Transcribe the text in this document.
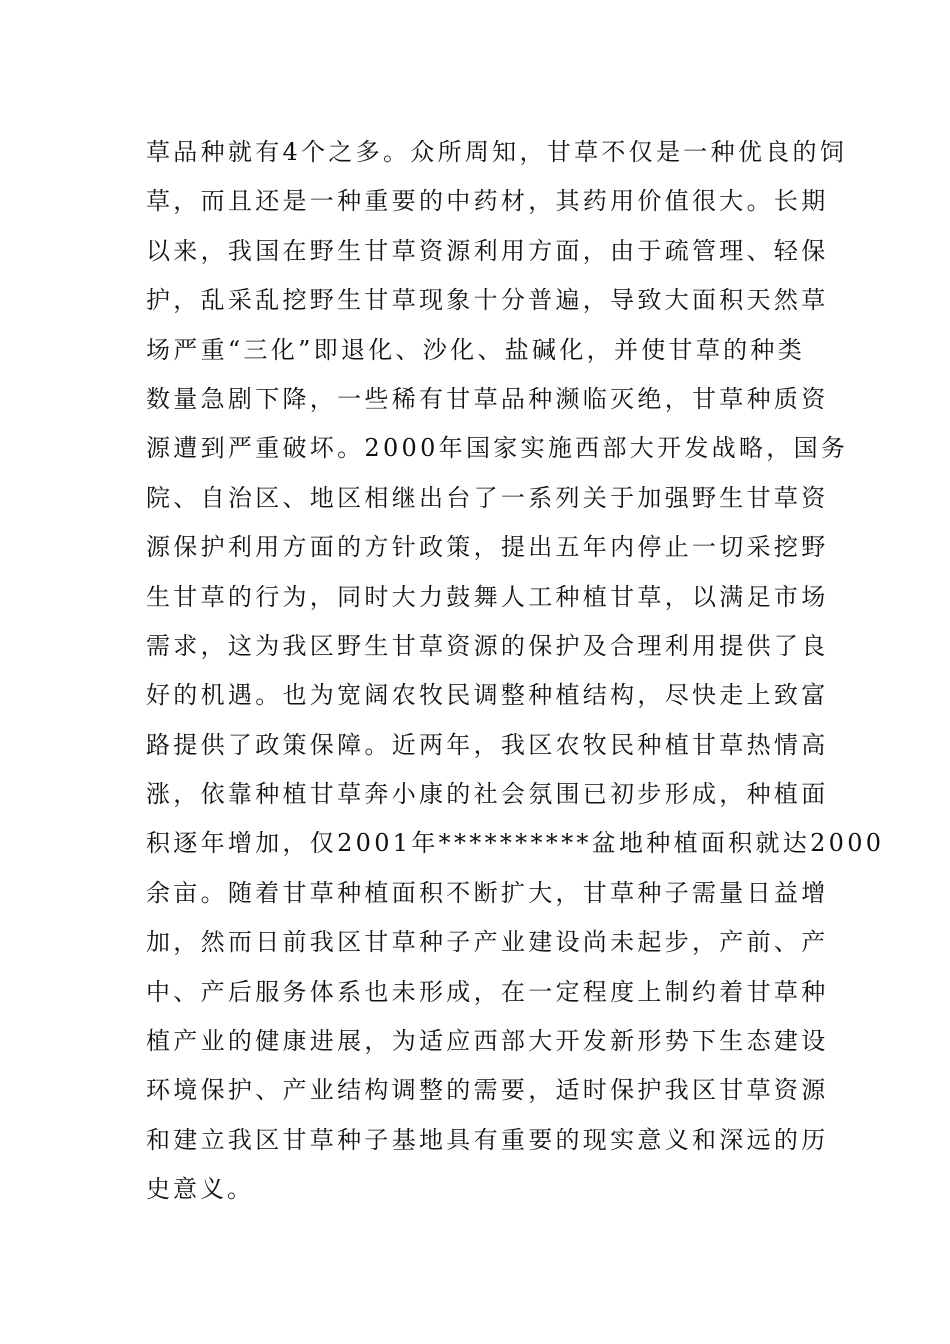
草品种就有4个之多。众所周知，甘草不仅是一种优良的饲
草，而且还是一种重要的中药材，其药用价值很大。长期
以来，我国在野生甘草资源利用方面，由于疏管理、轻保
护，乱采乱挖野生甘草现象十分普遍，导致大面积天然草
场严重“三化”即退化、沙化、盐碱化，并使甘草的种类
数量急剧下降，一些稀有甘草品种濒临灭绝，甘草种质资
源遭到严重破坏。2000年国家实施西部大开发战略，国务
院、自治区、地区相继出台了一系列关于加强野生甘草资
源保护利用方面的方针政策，提出五年内停止一切采挖野
生甘草的行为，同时大力鼓舞人工种植甘草，以满足市场
需求，这为我区野生甘草资源的保护及合理利用提供了良
好的机遇。也为宽阔农牧民调整种植结构，尽快走上致富
路提供了政策保障。近两年，我区农牧民种植甘草热情高
涨，依靠种植甘草奔小康的社会氛围已初步形成，种植面
积逐年增加，仅2001年**********盆地种植面积就达2000
余亩。随着甘草种植面积不断扩大，甘草种子需量日益增
加，然而日前我区甘草种子产业建设尚未起步，产前、产
中、产后服务体系也未形成，在一定程度上制约着甘草种
植产业的健康进展，为适应西部大开发新形势下生态建设
环境保护、产业结构调整的需要，适时保护我区甘草资源
和建立我区甘草种子基地具有重要的现实意义和深远的历
史意义。
